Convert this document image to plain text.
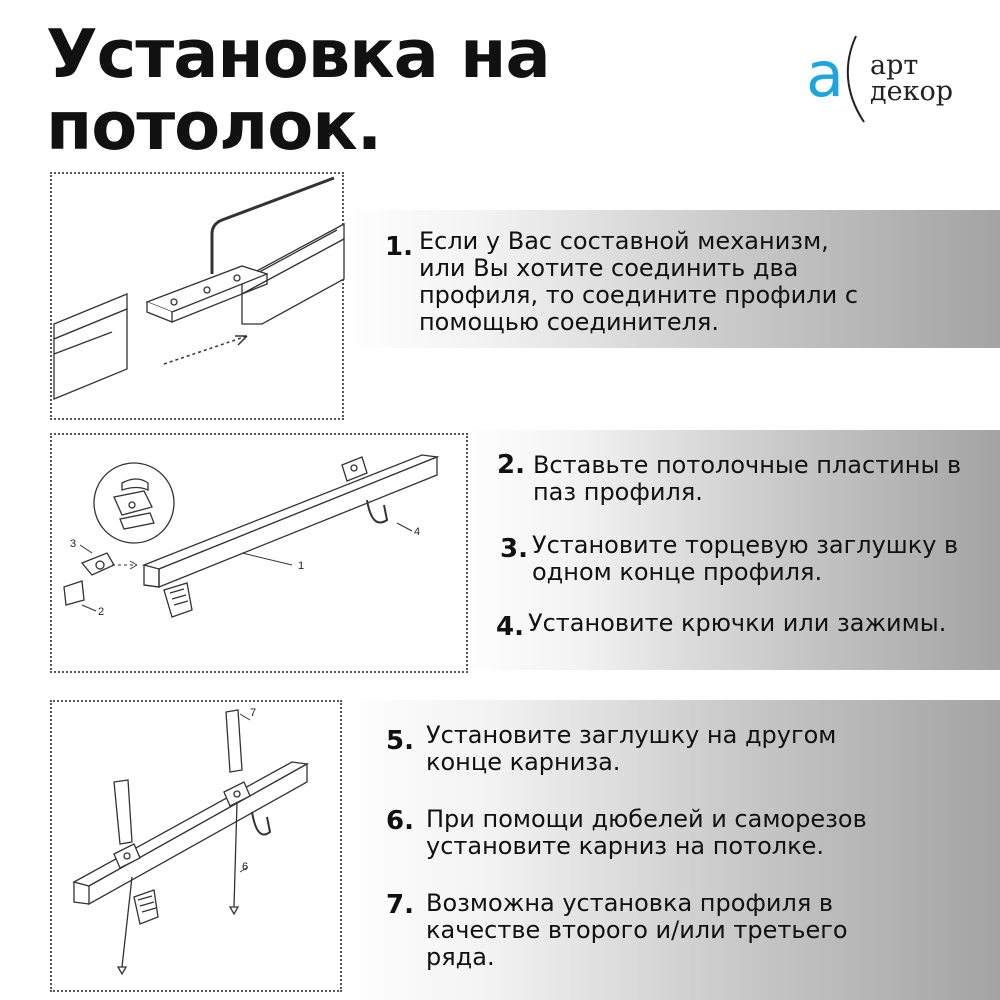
Установка на
потолок.
a арт
декор
3
2
1
4
7
6
1. Если у Вас составной механизм, или Вы хотите соединить два профиля, то соедините профили с помощью соединителя.
2. Вставьте потолочные пластины в паз профиля.
3. Установите торцевую заглушку в одном конце профиля.
4. Установите крючки или зажимы.
5. Установите заглушку на другом конце карниза.
6. При помощи дюбелей и саморезов установите карниз на потолке.
7. Возможна установка профиля в качестве второго и/или третьего ряда.
